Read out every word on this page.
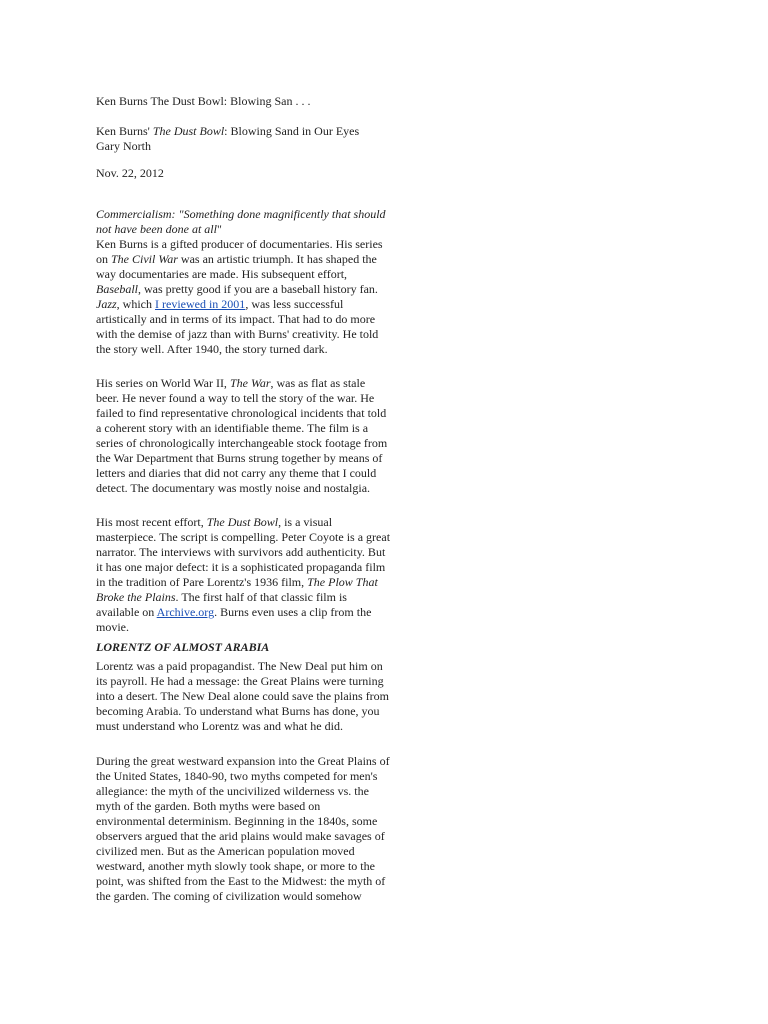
Ken Burns The Dust Bowl: Blowing San . . .
Ken Burns' The Dust Bowl: Blowing Sand in Our Eyes
Gary North
Nov. 22, 2012
Commercialism: "Something done magnificently that should not have been done at all"
Ken Burns is a gifted producer of documentaries. His series on The Civil War was an artistic triumph. It has shaped the way documentaries are made. His subsequent effort, Baseball, was pretty good if you are a baseball history fan. Jazz, which I reviewed in 2001, was less successful artistically and in terms of its impact. That had to do more with the demise of jazz than with Burns' creativity. He told the story well. After 1940, the story turned dark.
His series on World War II, The War, was as flat as stale beer. He never found a way to tell the story of the war. He failed to find representative chronological incidents that told a coherent story with an identifiable theme. The film is a series of chronologically interchangeable stock footage from the War Department that Burns strung together by means of letters and diaries that did not carry any theme that I could detect. The documentary was mostly noise and nostalgia.
His most recent effort, The Dust Bowl, is a visual masterpiece. The script is compelling. Peter Coyote is a great narrator. The interviews with survivors add authenticity. But it has one major defect: it is a sophisticated propaganda film in the tradition of Pare Lorentz's 1936 film, The Plow That Broke the Plains. The first half of that classic film is available on Archive.org. Burns even uses a clip from the movie.
LORENTZ OF ALMOST ARABIA
Lorentz was a paid propagandist. The New Deal put him on its payroll. He had a message: the Great Plains were turning into a desert. The New Deal alone could save the plains from becoming Arabia. To understand what Burns has done, you must understand who Lorentz was and what he did.
During the great westward expansion into the Great Plains of the United States, 1840-90, two myths competed for men's allegiance: the myth of the uncivilized wilderness vs. the myth of the garden. Both myths were based on environmental determinism. Beginning in the 1840s, some observers argued that the arid plains would make savages of civilized men. But as the American population moved westward, another myth slowly took shape, or more to the point, was shifted from the East to the Midwest: the myth of the garden. The coming of civilization would somehow
